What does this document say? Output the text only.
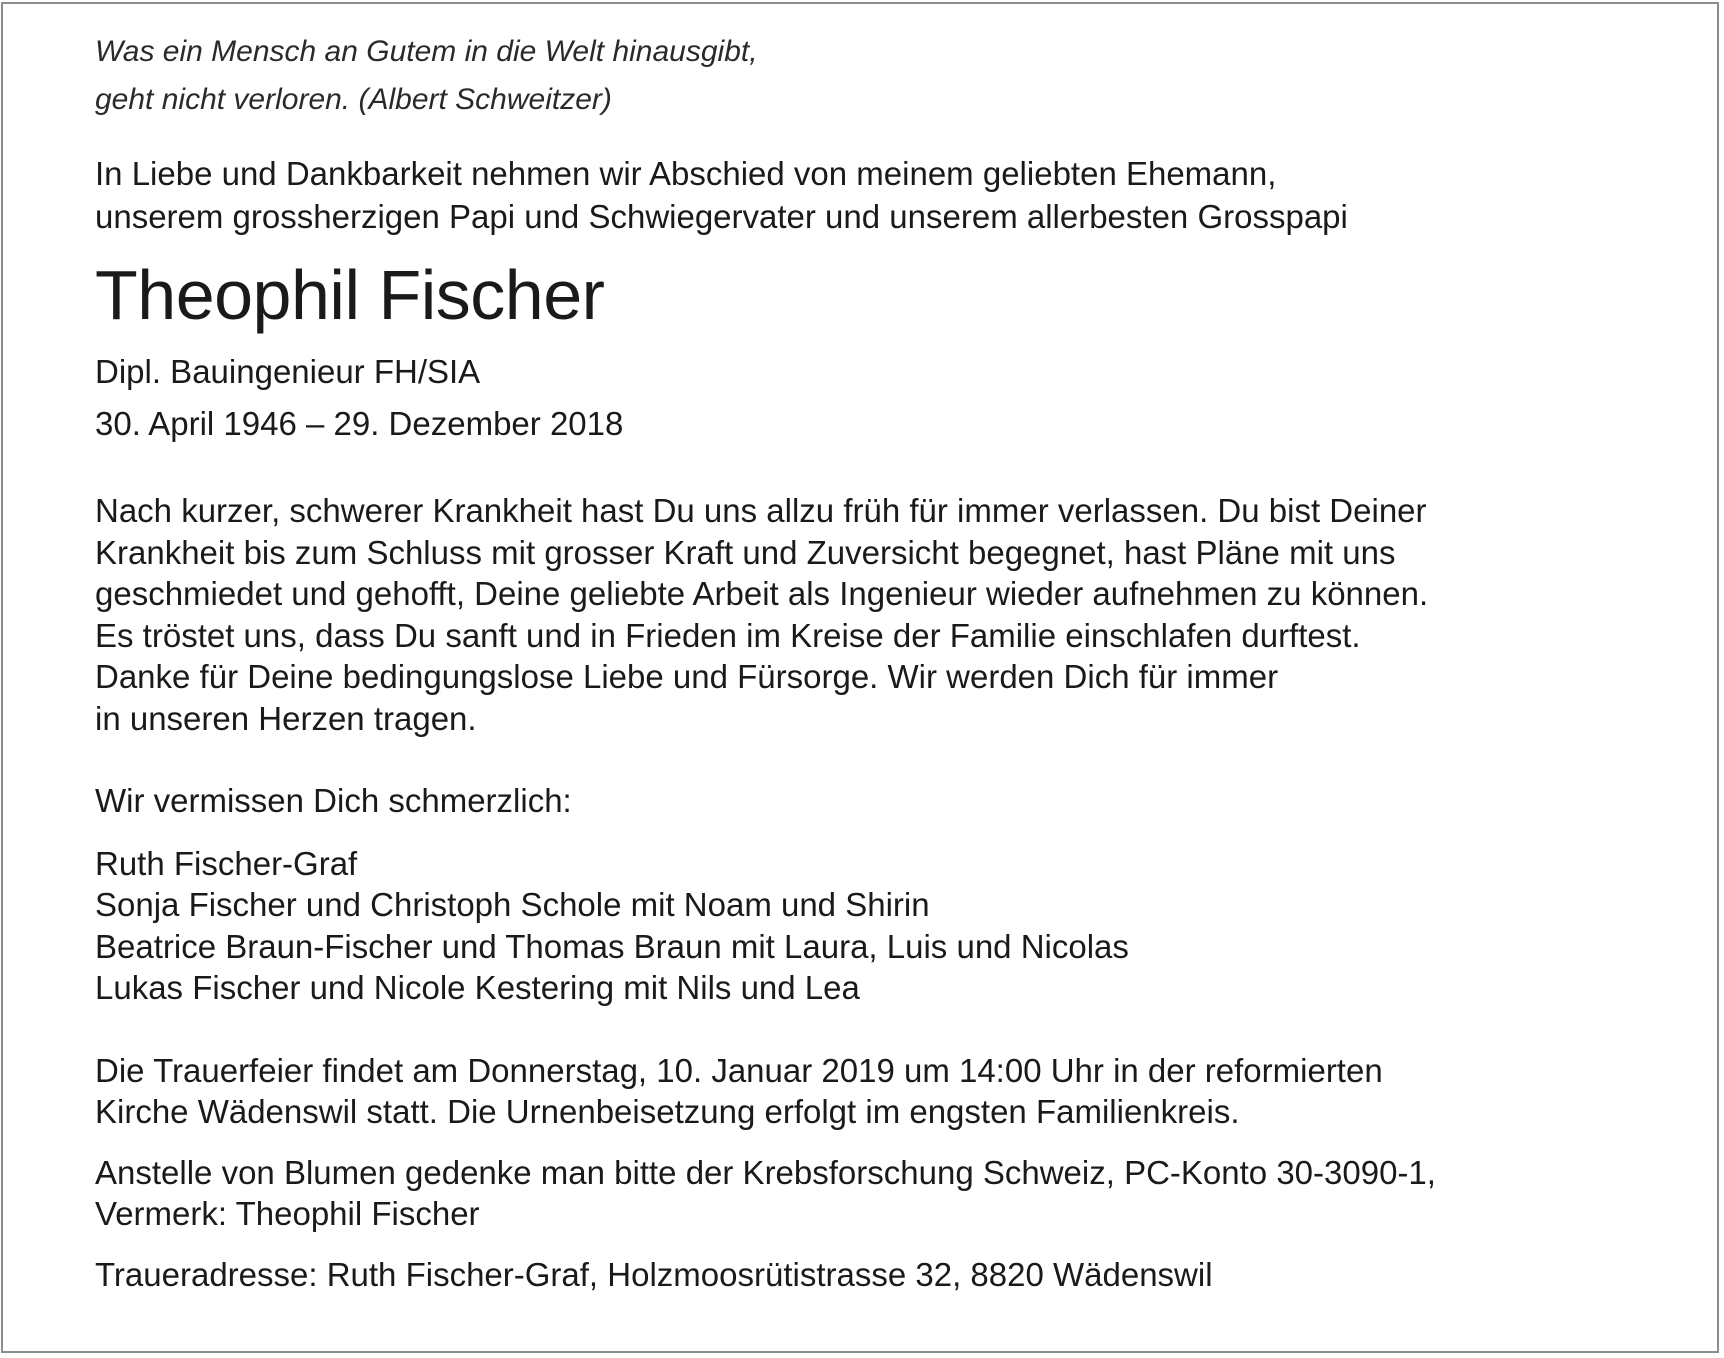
Was ein Mensch an Gutem in die Welt hinausgibt,
geht nicht verloren. (Albert Schweitzer)

In Liebe und Dankbarkeit nehmen wir Abschied von meinem geliebten Ehemann,
unserem grossherzigen Papi und Schwiegervater und unserem allerbesten Grosspapi

Theophil Fischer

Dipl. Bauingenieur FH/SIA
30. April 1946 – 29. Dezember 2018

Nach kurzer, schwerer Krankheit hast Du uns allzu früh für immer verlassen. Du bist Deiner
Krankheit bis zum Schluss mit grosser Kraft und Zuversicht begegnet, hast Pläne mit uns
geschmiedet und gehofft, Deine geliebte Arbeit als Ingenieur wieder aufnehmen zu können.
Es tröstet uns, dass Du sanft und in Frieden im Kreise der Familie einschlafen durftest.
Danke für Deine bedingungslose Liebe und Fürsorge. Wir werden Dich für immer
in unseren Herzen tragen.

Wir vermissen Dich schmerzlich:

Ruth Fischer-Graf
Sonja Fischer und Christoph Schole mit Noam und Shirin
Beatrice Braun-Fischer und Thomas Braun mit Laura, Luis und Nicolas
Lukas Fischer und Nicole Kestering mit Nils und Lea

Die Trauerfeier findet am Donnerstag, 10. Januar 2019 um 14:00 Uhr in der reformierten
Kirche Wädenswil statt. Die Urnenbeisetzung erfolgt im engsten Familienkreis.

Anstelle von Blumen gedenke man bitte der Krebsforschung Schweiz, PC-Konto 30-3090-1,
Vermerk: Theophil Fischer

Traueradresse: Ruth Fischer-Graf, Holzmoosrütistrasse 32, 8820 Wädenswil
